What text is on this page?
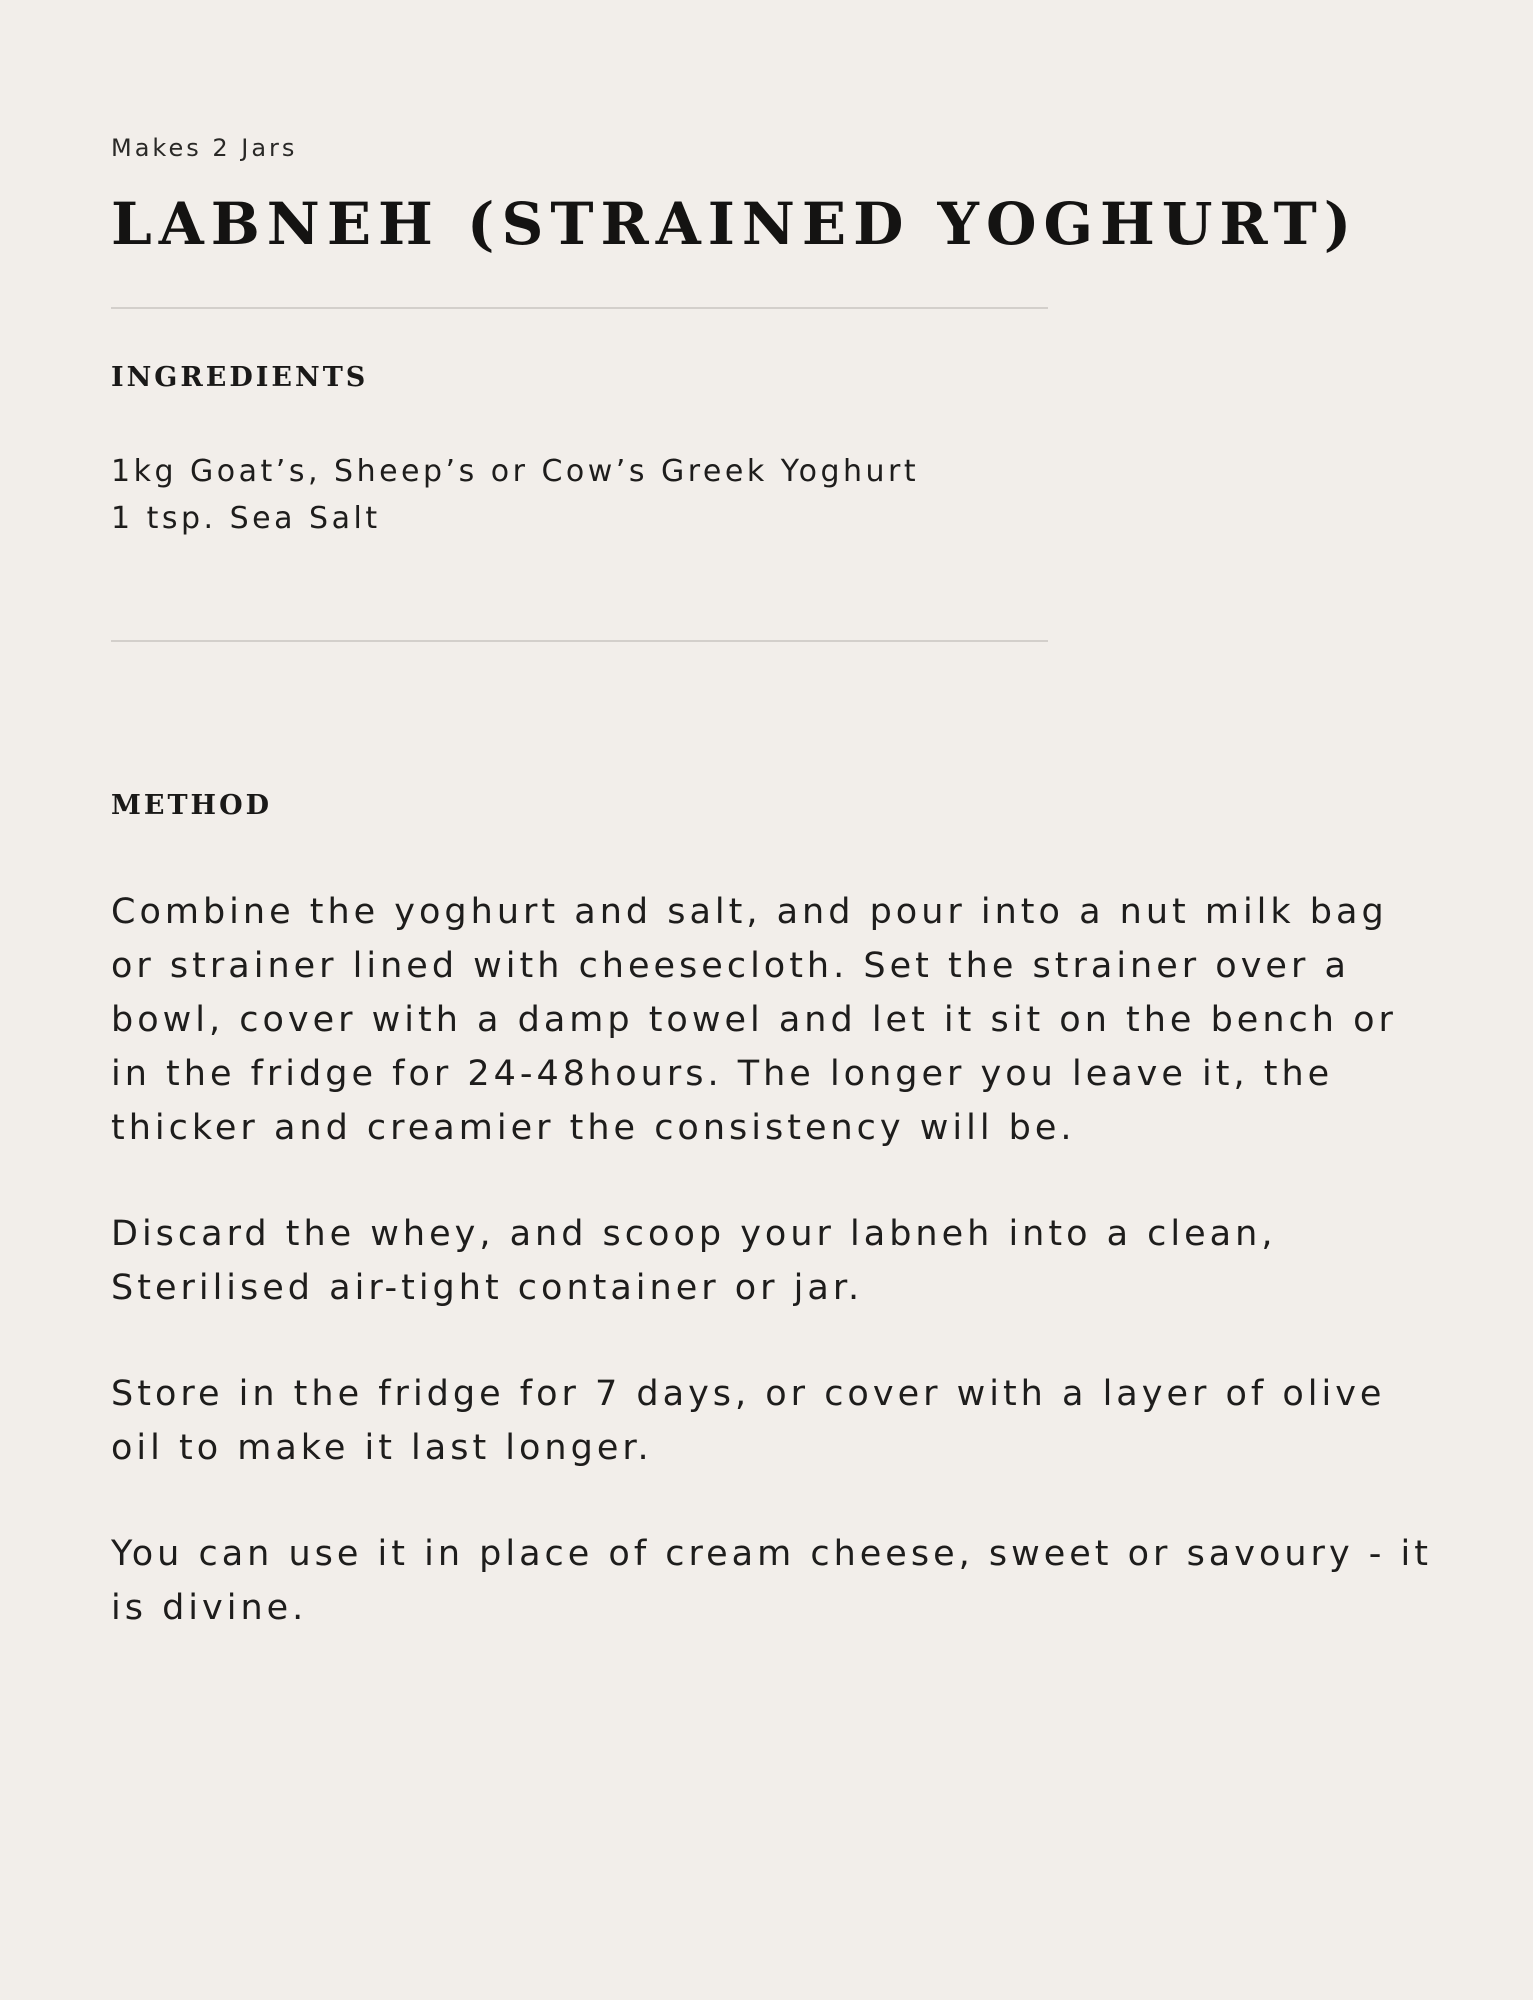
Makes 2 Jars
LABNEH (STRAINED YOGHURT)
INGREDIENTS
1kg Goat’s, Sheep’s or Cow’s Greek Yoghurt
1 tsp. Sea Salt
METHOD

Combine the yoghurt and salt, and pour into a nut milk bag or strainer lined with cheesecloth. Set the strainer over a bowl, cover with a damp towel and let it sit on the bench or in the fridge for 24-48hours. The longer you leave it, the thicker and creamier the consistency will be.

Discard the whey, and scoop your labneh into a clean, Sterilised air-tight container or jar.

Store in the fridge for 7 days, or cover with a layer of olive oil to make it last longer.

You can use it in place of cream cheese, sweet or savoury - it is divine.
